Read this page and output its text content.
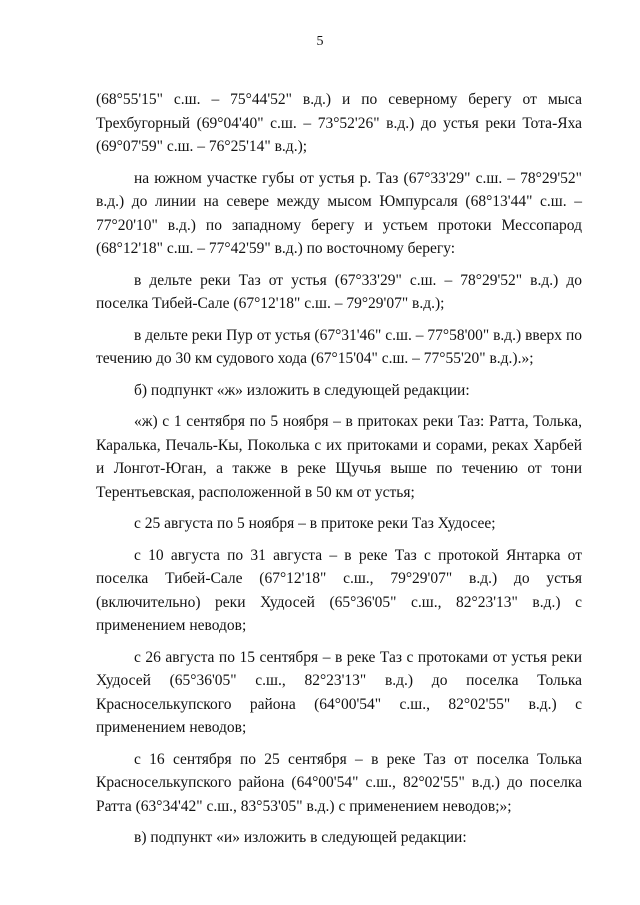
5

(68°55'15" с.ш. – 75°44'52" в.д.) и по северному берегу от мыса Трехбугорный (69°04'40" с.ш. – 73°52'26" в.д.) до устья реки Тота-Яха (69°07'59" с.ш. – 76°25'14" в.д.);

на южном участке губы от устья р. Таз (67°33'29" с.ш. – 78°29'52" в.д.) до линии на севере между мысом Юмпурсаля (68°13'44" с.ш. – 77°20'10" в.д.) по западному берегу и устьем протоки Мессопарод (68°12'18" с.ш. – 77°42'59" в.д.) по восточному берегу:

в дельте реки Таз от устья (67°33'29" с.ш. – 78°29'52" в.д.) до поселка Тибей-Сале (67°12'18" с.ш. – 79°29'07" в.д.);

в дельте реки Пур от устья (67°31'46" с.ш. – 77°58'00" в.д.) вверх по течению до 30 км судового хода (67°15'04" с.ш. – 77°55'20" в.д.).»;

б) подпункт «ж» изложить в следующей редакции:

«ж) с 1 сентября по 5 ноября – в притоках реки Таз: Ратта, Толька, Каралька, Печаль-Кы, Поколька с их притоками и сорами, реках Харбей и Лонгот-Юган, а также в реке Щучья выше по течению от тони Терентьевская, расположенной в 50 км от устья;

с 25 августа по 5 ноября – в притоке реки Таз Худосее;

с 10 августа по 31 августа – в реке Таз с протокой Янтарка от поселка Тибей-Сале (67°12'18" с.ш., 79°29'07" в.д.) до устья (включительно) реки Худосей (65°36'05" с.ш., 82°23'13" в.д.) с применением неводов;

с 26 августа по 15 сентября – в реке Таз с протоками от устья реки Худосей (65°36'05" с.ш., 82°23'13" в.д.) до поселка Толька Красноселькупского района (64°00'54" с.ш., 82°02'55" в.д.) с применением неводов;

с 16 сентября по 25 сентября – в реке Таз от поселка Толька Красноселькупского района (64°00'54" с.ш., 82°02'55" в.д.) до поселка Ратта (63°34'42" с.ш., 83°53'05" в.д.) с применением неводов;»;

в) подпункт «и» изложить в следующей редакции:
